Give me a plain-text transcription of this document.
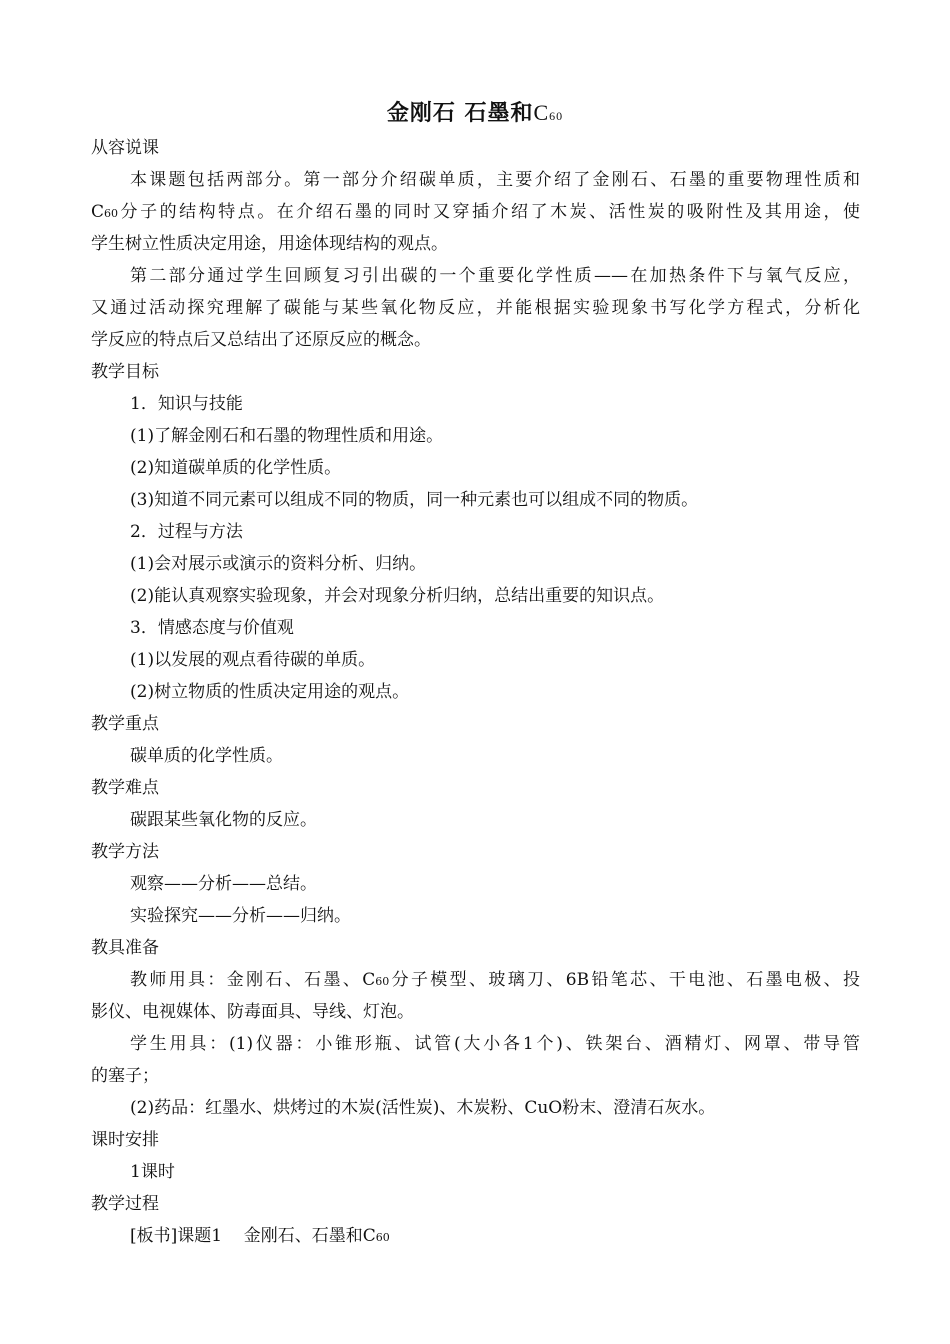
金刚石 石墨和C60
从容说课
本课题包括两部分。第一部分介绍碳单质，主要介绍了金刚石、石墨的重要物理性质和
C60分子的结构特点。在介绍石墨的同时又穿插介绍了木炭、活性炭的吸附性及其用途，使
学生树立性质决定用途，用途体现结构的观点。
第二部分通过学生回顾复习引出碳的一个重要化学性质——在加热条件下与氧气反应，
又通过活动探究理解了碳能与某些氧化物反应，并能根据实验现象书写化学方程式，分析化
学反应的特点后又总结出了还原反应的概念。
教学目标
1．知识与技能
(1)了解金刚石和石墨的物理性质和用途。
(2)知道碳单质的化学性质。
(3)知道不同元素可以组成不同的物质，同一种元素也可以组成不同的物质。
2．过程与方法
(1)会对展示或演示的资料分析、归纳。
(2)能认真观察实验现象，并会对现象分析归纳，总结出重要的知识点。
3．情感态度与价值观
(1)以发展的观点看待碳的单质。
(2)树立物质的性质决定用途的观点。
教学重点
碳单质的化学性质。
教学难点
碳跟某些氧化物的反应。
教学方法
观察——分析——总结。
实验探究——分析——归纳。
教具准备
教师用具：金刚石、石墨、C60分子模型、玻璃刀、6B铅笔芯、干电池、石墨电极、投
影仪、电视媒体、防毒面具、导线、灯泡。
学生用具：(1)仪器：小锥形瓶、试管(大小各1个)、铁架台、酒精灯、网罩、带导管
的塞子；
(2)药品：红墨水、烘烤过的木炭(活性炭)、木炭粉、CuO粉末、澄清石灰水。
课时安排
1课时
教学过程
[板书]课题1    金刚石、石墨和C60
